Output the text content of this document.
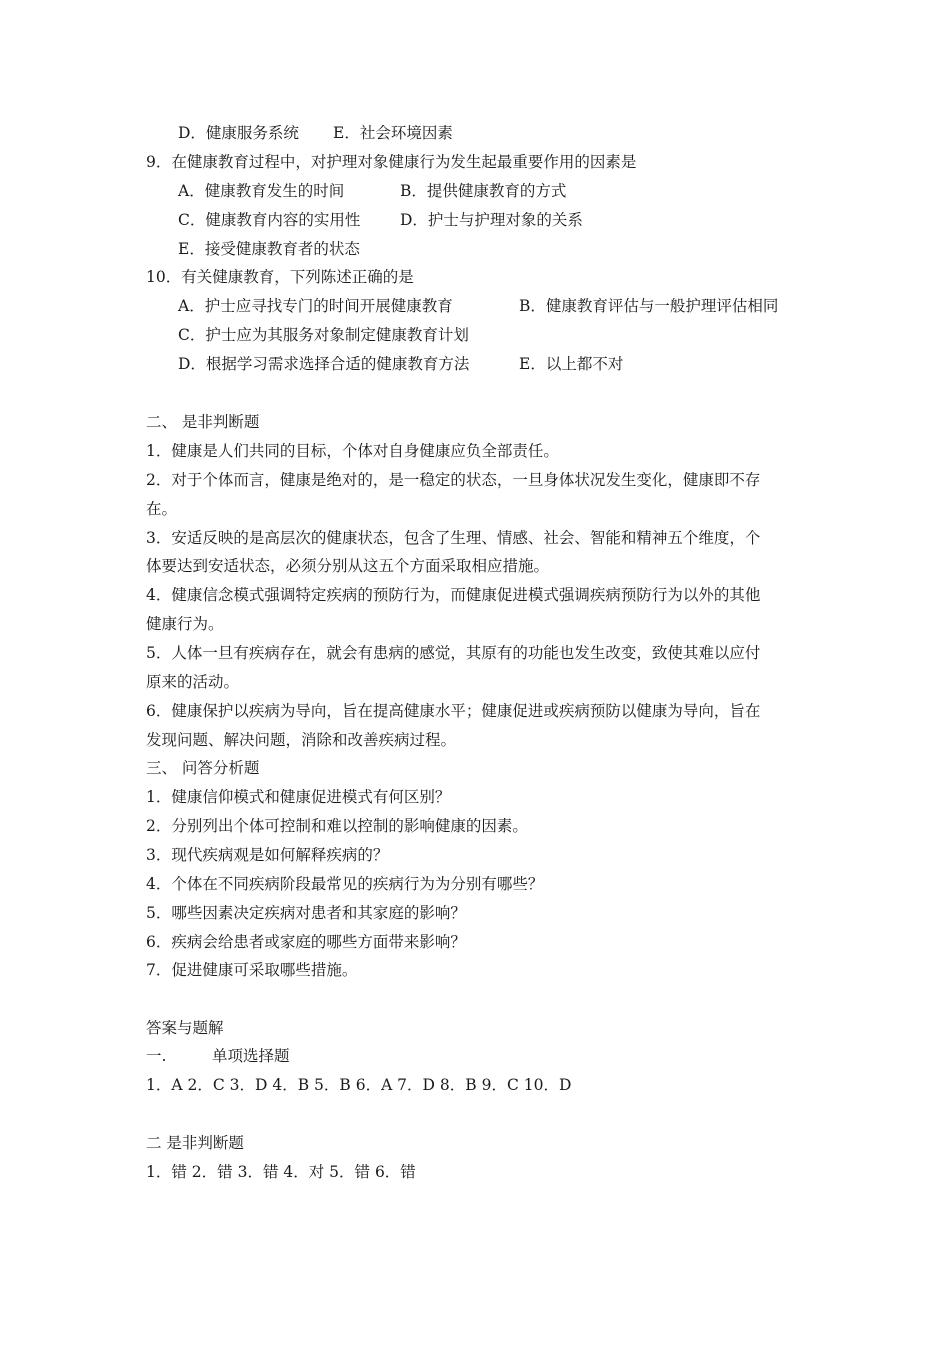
D．健康服务系统 E．社会环境因素
9．在健康教育过程中，对护理对象健康行为发生起最重要作用的因素是
A．健康教育发生的时间	B．提供健康教育的方式
C．健康教育内容的实用性	D．护士与护理对象的关系
E．接受健康教育者的状态
10．有关健康教育，下列陈述正确的是
A．护士应寻找专门的时间开展健康教育	B．健康教育评估与一般护理评估相同
C．护士应为其服务对象制定健康教育计划
D．根据学习需求选择合适的健康教育方法	E．以上都不对
二、 是非判断题
1．健康是人们共同的目标，个体对自身健康应负全部责任。
2．对于个体而言，健康是绝对的，是一稳定的状态，一旦身体状况发生变化，健康即不存
在。
3．安适反映的是高层次的健康状态，包含了生理、情感、社会、智能和精神五个维度，个
体要达到安适状态，必须分别从这五个方面采取相应措施。
4．健康信念模式强调特定疾病的预防行为，而健康促进模式强调疾病预防行为以外的其他
健康行为。
5．人体一旦有疾病存在，就会有患病的感觉，其原有的功能也发生改变，致使其难以应付
原来的活动。
6．健康保护以疾病为导向，旨在提高健康水平；健康促进或疾病预防以健康为导向，旨在
发现问题、解决问题，消除和改善疾病过程。
三、 问答分析题
1．健康信仰模式和健康促进模式有何区别？
2．分别列出个体可控制和难以控制的影响健康的因素。
3．现代疾病观是如何解释疾病的？
4．个体在不同疾病阶段最常见的疾病行为为分别有哪些？
5．哪些因素决定疾病对患者和其家庭的影响？
6．疾病会给患者或家庭的哪些方面带来影响？
7．促进健康可采取哪些措施。
答案与题解
一.	单项选择题
1．A 2．C 3．D 4．B 5．B 6．A 7．D 8．B 9．C 10．D
二 是非判断题
1．错 2．错 3．错 4．对 5．错 6．错
